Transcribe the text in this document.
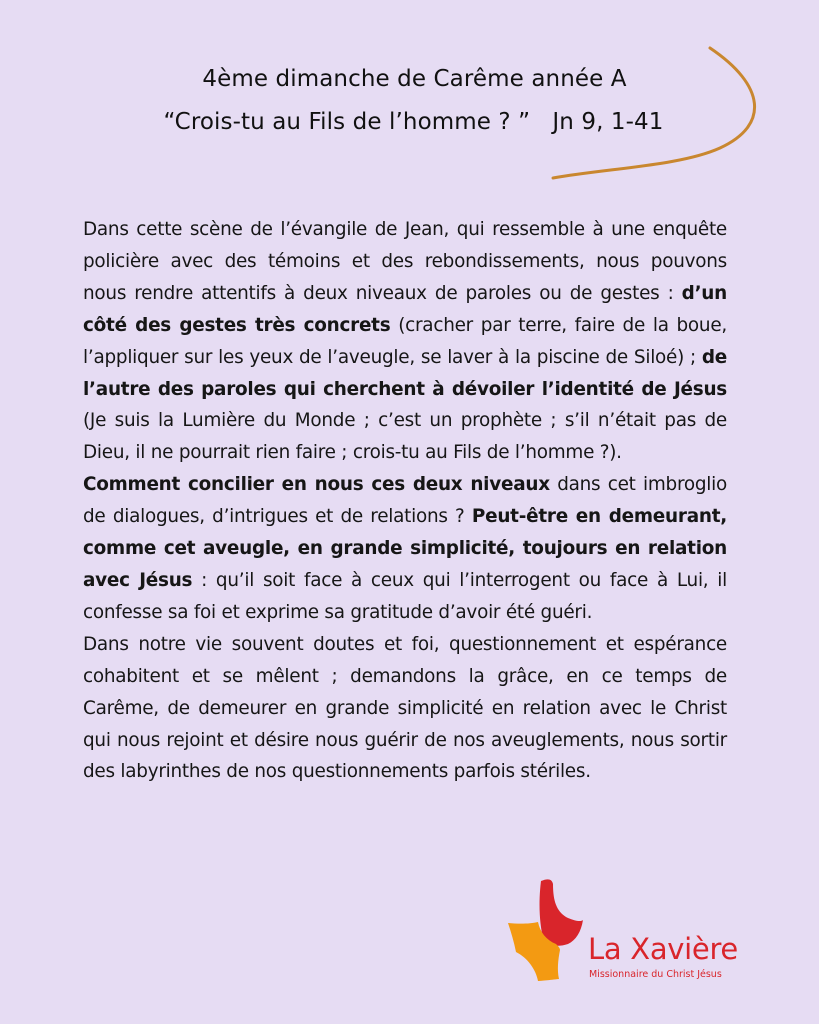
4ème dimanche de Carême année A
“Crois-tu au Fils de l’homme ? ”   Jn 9, 1-41

Dans cette scène de l’évangile de Jean, qui ressemble à une enquête policière avec des témoins et des rebondissements, nous pouvons nous rendre attentifs à deux niveaux de paroles ou de gestes : d’un côté des gestes très concrets (cracher par terre, faire de la boue, l’appliquer sur les yeux de l’aveugle, se laver à la piscine de Siloé) ; de l’autre des paroles qui cherchent à dévoiler l’identité de Jésus (Je suis la Lumière du Monde ; c’est un prophète ; s’il n’était pas de Dieu, il ne pourrait rien faire ; crois-tu au Fils de l’homme ?).

Comment concilier en nous ces deux niveaux dans cet imbroglio de dialogues, d’intrigues et de relations ? Peut-être en demeurant, comme cet aveugle, en grande simplicité, toujours en relation avec Jésus : qu’il soit face à ceux qui l’interrogent ou face à Lui, il confesse sa foi et exprime sa gratitude d’avoir été guéri.

Dans notre vie souvent doutes et foi, questionnement et espérance cohabitent et se mêlent ; demandons la grâce, en ce temps de Carême, de demeurer en grande simplicité en relation avec le Christ qui nous rejoint et désire nous guérir de nos aveuglements, nous sortir des labyrinthes de nos questionnements parfois stériles.

La Xavière
Missionnaire du Christ Jésus
